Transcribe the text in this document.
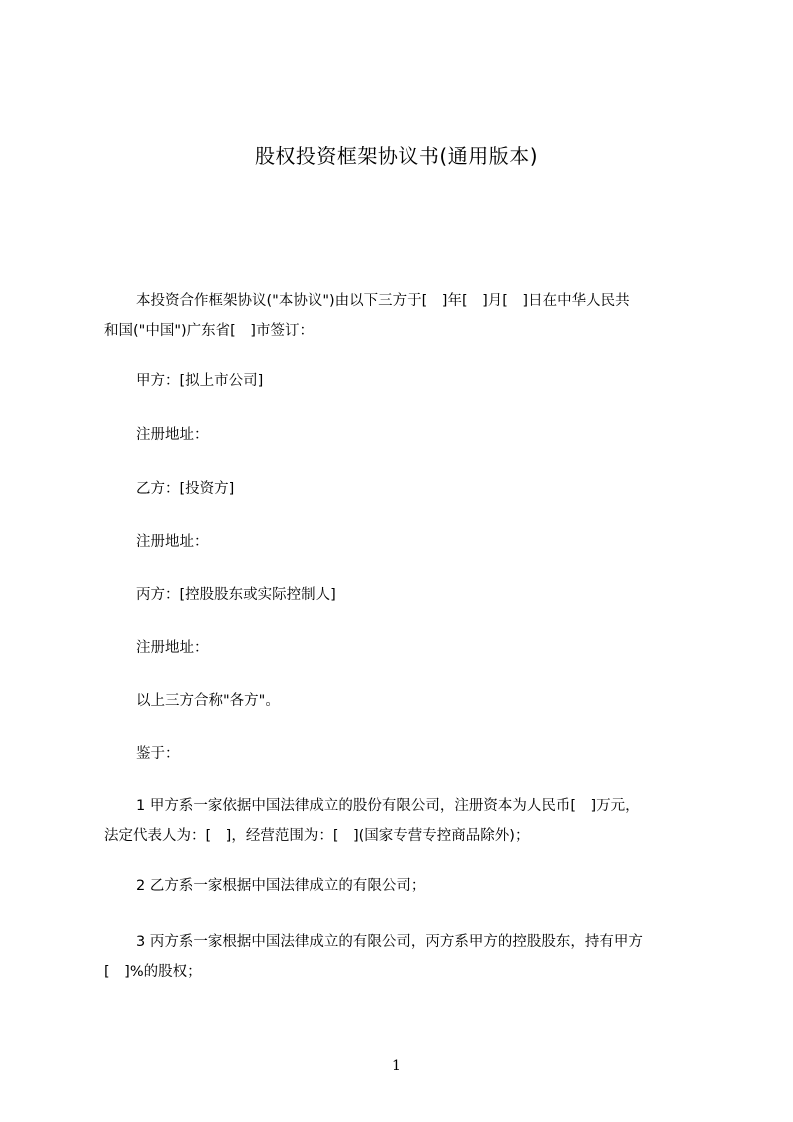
股权投资框架协议书(通用版本)
本投资合作框架协议("本协议")由以下三方于[　]年[　]月[　]日在中华人民共
和国("中国")广东省[　]市签订：
甲方：[拟上市公司]
注册地址：
乙方：[投资方]
注册地址：
丙方：[控股股东或实际控制人]
注册地址：
以上三方合称"各方"。
鉴于：
1 甲方系一家依据中国法律成立的股份有限公司，注册资本为人民币[　]万元，
法定代表人为：[　]，经营范围为：[　](国家专营专控商品除外)；
2 乙方系一家根据中国法律成立的有限公司；
3 丙方系一家根据中国法律成立的有限公司，丙方系甲方的控股股东，持有甲方
[　]%的股权；
1
